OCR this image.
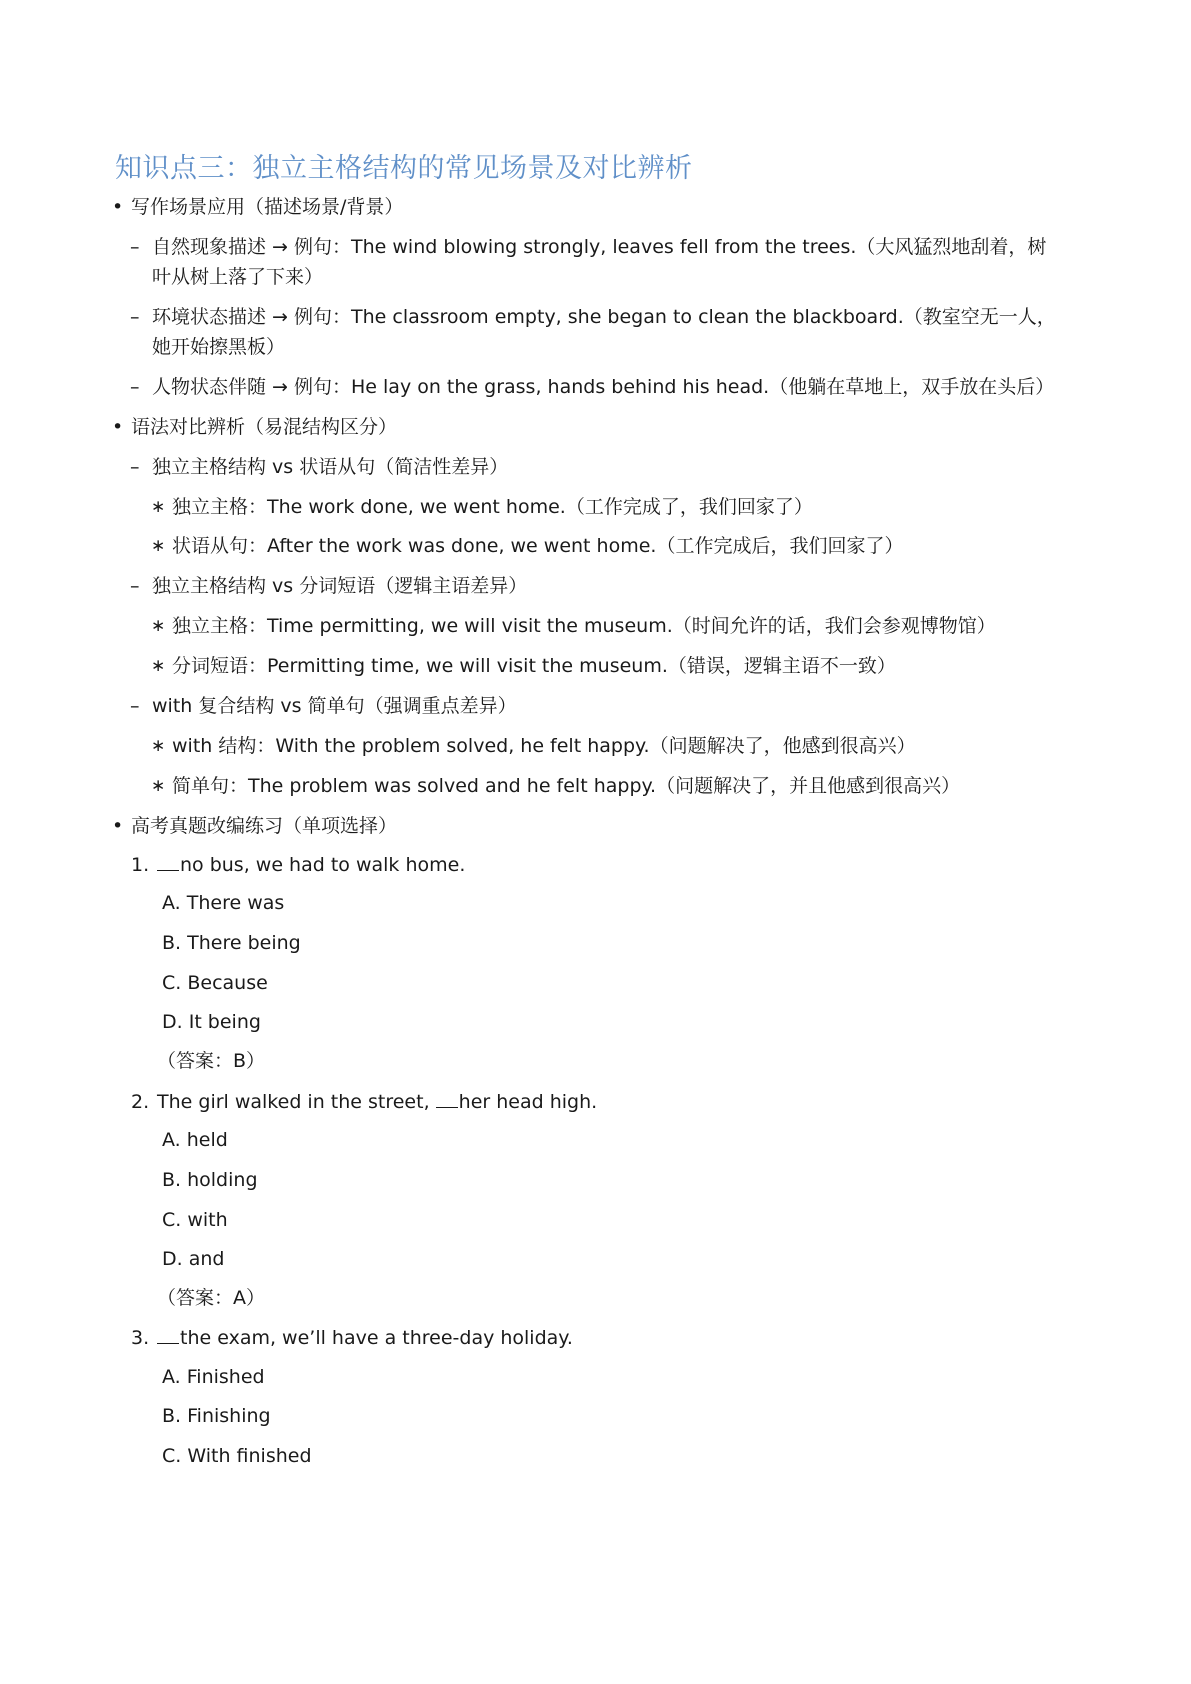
知识点三：独立主格结构的常见场景及对比辨析
• 写作场景应用（描述场景/背景）
– 自然现象描述 → 例句：The wind blowing strongly, leaves fell from the trees.（大风猛烈地刮着，树
叶从树上落了下来）
– 环境状态描述 → 例句：The classroom empty, she began to clean the blackboard.（教室空无一人，
她开始擦黑板）
– 人物状态伴随 → 例句：He lay on the grass, hands behind his head.（他躺在草地上，双手放在头后）
• 语法对比辨析（易混结构区分）
– 独立主格结构 vs 状语从句（简洁性差异）
∗ 独立主格：The work done, we went home.（工作完成了，我们回家了）
∗ 状语从句：After the work was done, we went home.（工作完成后，我们回家了）
– 独立主格结构 vs 分词短语（逻辑主语差异）
∗ 独立主格：Time permitting, we will visit the museum.（时间允许的话，我们会参观博物馆）
∗ 分词短语：Permitting time, we will visit the museum.（错误，逻辑主语不一致）
– with 复合结构 vs 简单句（强调重点差异）
∗ with 结构：With the problem solved, he felt happy.（问题解决了，他感到很高兴）
∗ 简单句：The problem was solved and he felt happy.（问题解决了，并且他感到很高兴）
• 高考真题改编练习（单项选择）
1.	no bus, we had to walk home.
A. There was
B. There being
C. Because
D. It being
（答案：B）
2. The girl walked in the street, her head high.
A. held
B. holding
C. with
D. and
（答案：A）
3.	the exam, we’ll have a three-day holiday.
A. Finished
B. Finishing
C. With finished
